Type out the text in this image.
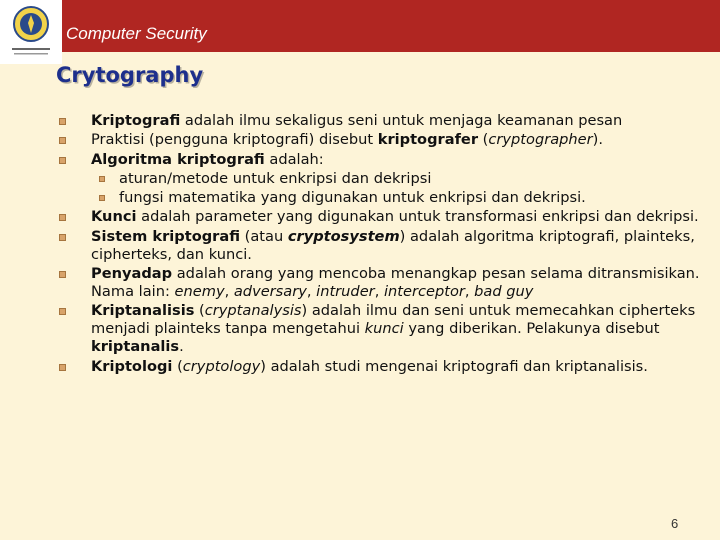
Computer Security
Crytography
Kriptografi adalah ilmu sekaligus seni untuk menjaga keamanan pesan
Praktisi (pengguna kriptografi) disebut kriptografer (cryptographer).
Algoritma kriptografi adalah:
aturan/metode untuk enkripsi dan dekripsi
fungsi matematika yang digunakan untuk enkripsi dan dekripsi.
Kunci adalah parameter yang digunakan untuk transformasi enkripsi dan dekripsi.
Sistem kriptografi (atau cryptosystem) adalah algoritma kriptografi, plainteks, cipherteks, dan kunci.
Penyadap adalah orang yang mencoba menangkap pesan selama ditransmisikan. Nama lain: enemy, adversary, intruder, interceptor, bad guy
Kriptanalisis (cryptanalysis) adalah ilmu dan seni untuk memecahkan cipherteks menjadi plainteks tanpa mengetahui kunci yang diberikan. Pelakunya disebut kriptanalis.
Kriptologi (cryptology) adalah studi mengenai kriptografi dan kriptanalisis.
6
